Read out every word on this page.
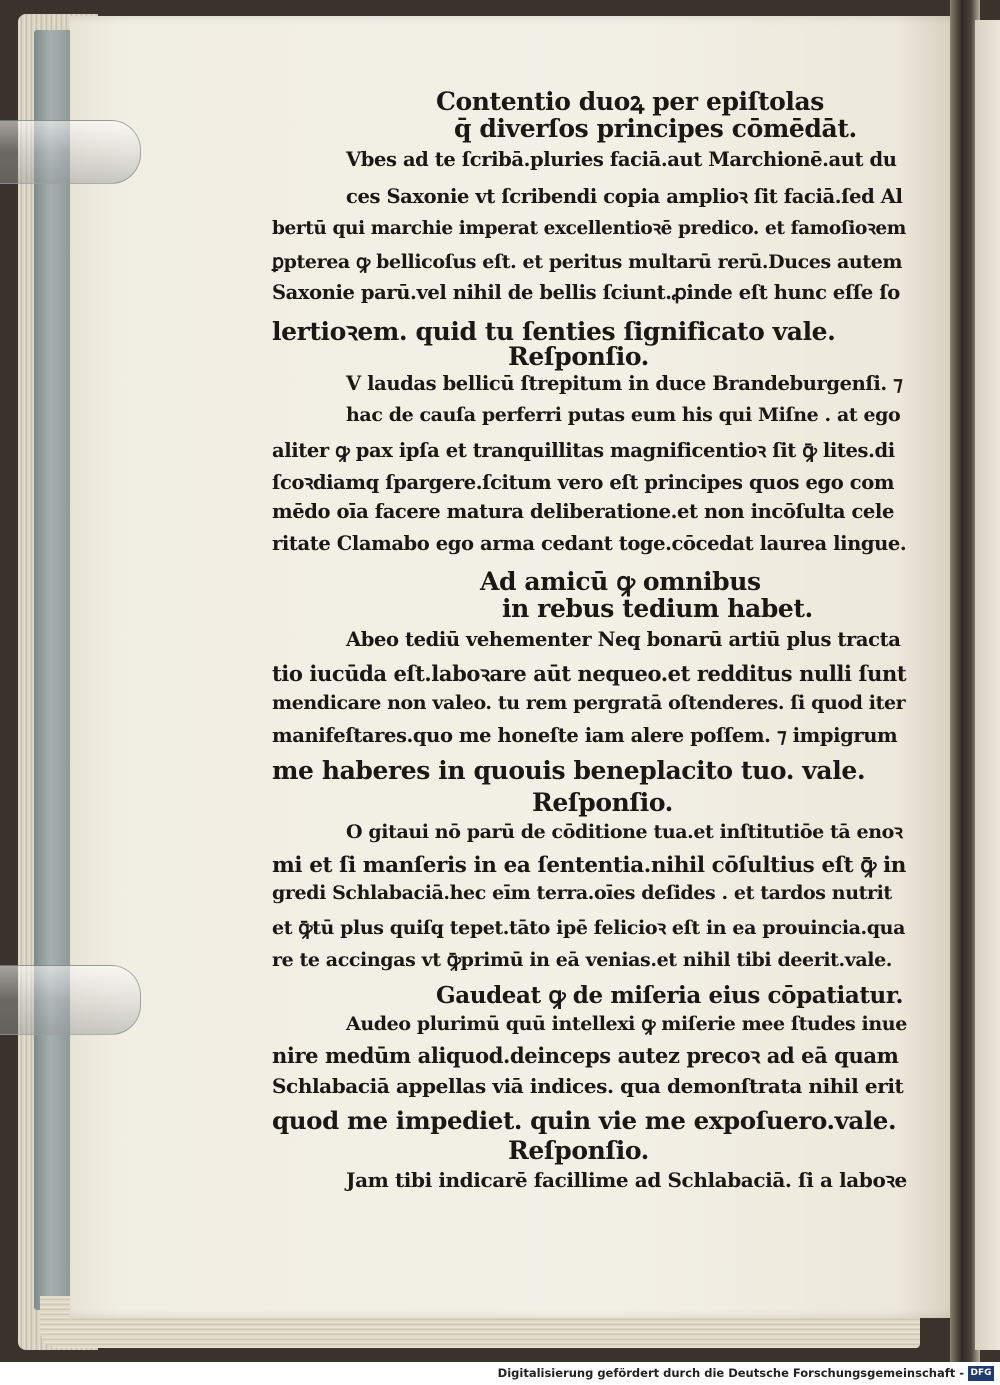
Contentio duoꝝ per epiſtolas
q̄ diverſos principes cōmēdāt.
Vbes ad te ſcribā.pluries faciā.aut Marchionē.aut du
ces Saxonie vt ſcribendi copia amplioꝛ ſit faciā.ſed Al
bertū qui marchie imperat excellentioꝛē predico. et famoſioꝛem
ꝑpterea ꝙ bellicoſus eſt. et peritus multarū rerū.Duces autem
Saxonie parū.vel nihil de bellis ſciunt.ꝓinde eſt hunc eſſe ſo
lertioꝛem. quid tu ſenties ſignificato vale.
Reſponſio.
V laudas bellicū ſtrepitum in duce Brandeburgenſi. ⁊
hac de cauſa perferri putas eum his qui Miſne . at ego
aliter ꝙ pax ipſa et tranquillitas magnificentioꝛ ſit ꝙ̄ lites.di
ſcoꝛdiamq̧ ſpargere.ſcitum vero eſt principes quos ego com
mēdo oīa facere matura deliberatione.et non incōſulta cele
ritate Clamabo ego arma cedant toge.cōcedat laurea lingue.
Ad amicū ꝙ omnibus
in rebus tedium habet.
Abeo tediū vehementer Neq̧ bonarū artiū plus tracta
tio iucūda eſt.laboꝛare aūt nequeo.et redditus nulli ſunt
mendicare non valeo. tu rem pergratā oſtenderes. ſi quod iter
manifeſtares.quo me honeſte iam alere poſſem. ⁊ impigrum
me haberes in quouis beneplacito tuo. vale.
Reſponſio.
O gitaui nō parū de cōditione tua.et inſtitutiōe tā enoꝛ
mi et ſi manſeris in ea ſententia.nihil cōſultius eſt ꝙ̄ in
gredi Schlabaciā.hec eīm terra.oīes deſides . et tardos nutrit
et ꝙ̄tū plus quiſq̧ tepet.tāto ipē felicioꝛ eſt in ea prouincia.qua
re te accingas vt ꝙ̄primū in eā venias.et nihil tibi deerit.vale.
Gaudeat ꝙ de miſeria eius cōpatiatur.
Audeo plurimū quū intellexi ꝙ miſerie mee ſtudes inue
nire medūm aliquod.deinceps autez precoꝛ ad eā quam
Schlabaciā appellas viā indices. qua demonſtrata nihil erit
quod me impediet. quin vie me expoſuero.vale.
Reſponſio.
Jam tibi indicarē facillime ad Schlabaciā. ſi a laboꝛe
Digitalisierung gefördert durch die Deutsche Forschungsgemeinschaft - DFG
